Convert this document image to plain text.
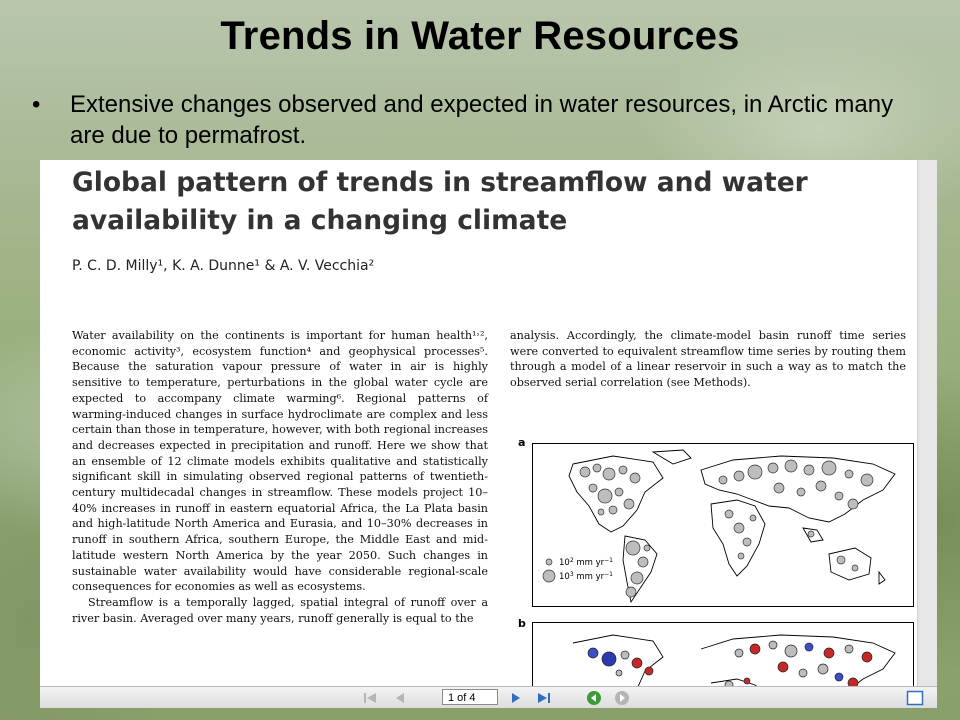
Trends in Water Resources
• Extensive changes observed and expected in water resources, in Arctic many are due to permafrost.
Global pattern of trends in streamflow and water availability in a changing climate
P. C. D. Milly¹, K. A. Dunne¹ & A. V. Vecchia²

Water availability on the continents is important for human health¹˒², economic activity³, ecosystem function⁴ and geophysical processes⁵. Because the saturation vapour pressure of water in air is highly sensitive to temperature, perturbations in the global water cycle are expected to accompany climate warming⁶. Regional patterns of warming-induced changes in surface hydroclimate are complex and less certain than those in temperature, however, with both regional increases and decreases expected in precipitation and runoff. Here we show that an ensemble of 12 climate models exhibits qualitative and statistically significant skill in simulating observed regional patterns of twentieth-century multidecadal changes in streamflow. These models project 10–40% increases in runoff in eastern equatorial Africa, the La Plata basin and high-latitude North America and Eurasia, and 10–30% decreases in runoff in southern Africa, southern Europe, the Middle East and mid-latitude western North America by the year 2050. Such changes in sustainable water availability would have considerable regional-scale consequences for economies as well as ecosystems.

Streamflow is a temporally lagged, spatial integral of runoff over a river basin. Averaged over many years, runoff generally is equal to the

analysis. Accordingly, the climate-model basin runoff time series were converted to equivalent streamflow time series by routing them through a model of a linear reservoir in such a way as to match the observed serial correlation (see Methods).
a
$10^2$ mm $yr^{-1}$
$10^3$ mm $yr^{-1}$
b
1 of 4
